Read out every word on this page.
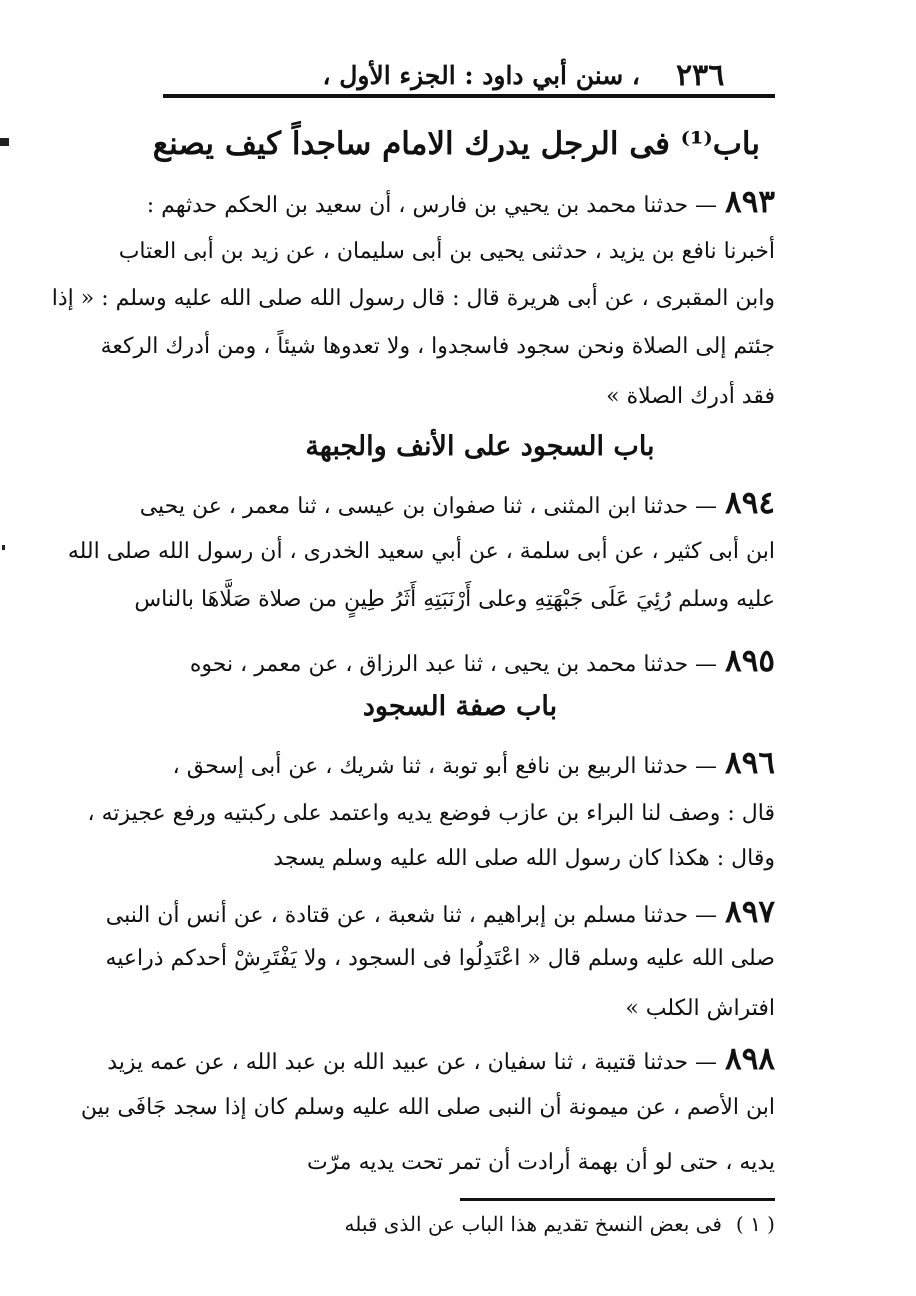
٢٣٦
، سنن أبي داود : الجزء الأول ،
باب⁽¹⁾ فى الرجل يدرك الامام ساجداً كيف يصنع
٨٩٣— حدثنا محمد بن يحيي بن فارس ، أن سعيد بن الحكم حدثهم :
أخبرنا نافع بن يزيد ، حدثنى يحيى بن أبى سليمان ، عن زيد بن أبى العتاب
وابن المقبرى ، عن أبى هريرة قال : قال رسول الله صلى الله عليه وسلم : « إذا
جئتم إلى الصلاة ونحن سجود فاسجدوا ، ولا تعدوها شيئاً ، ومن أدرك الركعة
فقد أدرك الصلاة »
باب السجود على الأنف والجبهة
٨٩٤— حدثنا ابن المثنى ، ثنا صفوان بن عيسى ، ثنا معمر ، عن يحيى
ابن أبى كثير ، عن أبى سلمة ، عن أبي سعيد الخدرى ، أن رسول الله صلى الله
عليه وسلم رُئِيَ عَلَى جَبْهَتِهِ وعلى أَرْنَبَتِهِ أَثَرُ طِينٍ من صلاة صَلَّاهَا بالناس
٨٩٥— حدثنا محمد بن يحيى ، ثنا عبد الرزاق ، عن معمر ، نحوه
باب صفة السجود
٨٩٦— حدثنا الربيع بن نافع أبو توبة ، ثنا شريك ، عن أبى إسحق ،
قال : وصف لنا البراء بن عازب فوضع يديه واعتمد على ركبتيه ورفع عجيزته ،
وقال : هكذا كان رسول الله صلى الله عليه وسلم يسجد
٨٩٧— حدثنا مسلم بن إبراهيم ، ثنا شعبة ، عن قتادة ، عن أنس أن النبى
صلى الله عليه وسلم قال « اعْتَدِلُوا فى السجود ، ولا يَفْتَرِشْ أحدكم ذراعيه
افتراش الكلب »
٨٩٨— حدثنا قتيبة ، ثنا سفيان ، عن عبيد الله بن عبد الله ، عن عمه يزيد
ابن الأصم ، عن ميمونة أن النبى صلى الله عليه وسلم كان إذا سجد جَافَى بين
يديه ، حتى لو أن بهمة أرادت أن تمر تحت يديه مرّت
( ١ )فى بعض النسخ تقديم هذا الباب عن الذى قبله
